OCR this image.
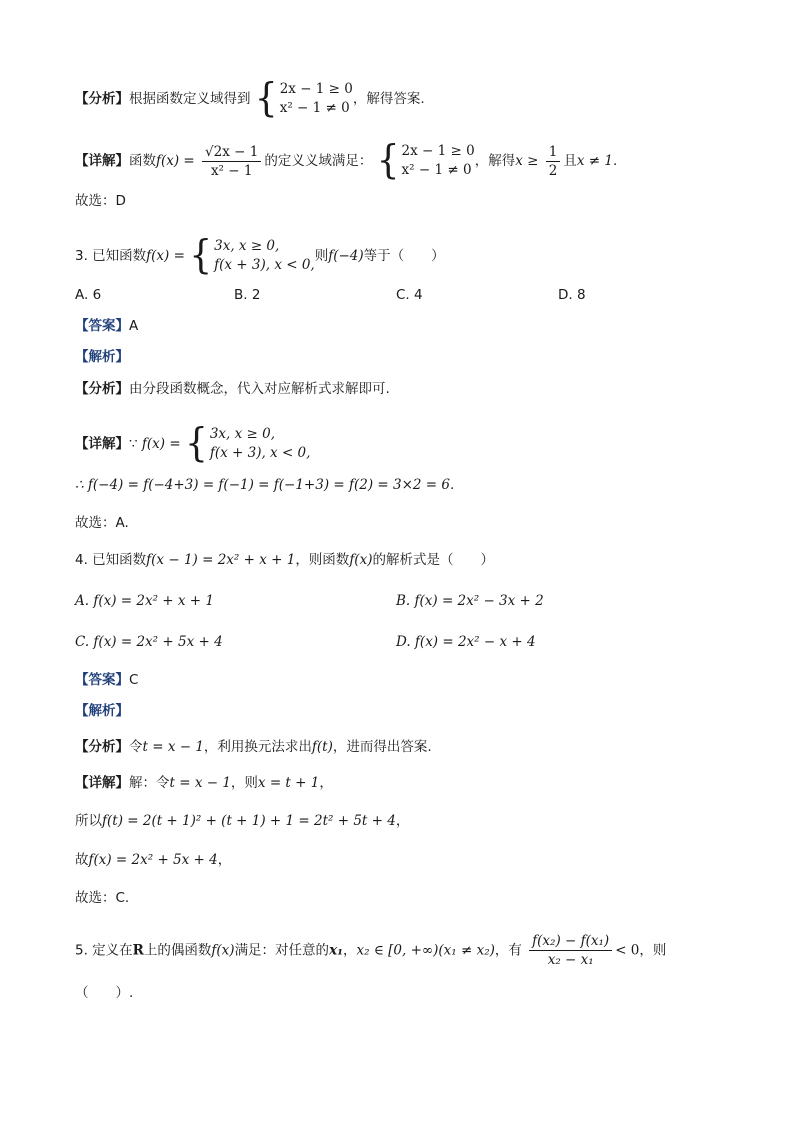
【分析】根据函数定义域得到 { 2x − 1 ≥ 0
x² − 1 ≠ 0
，解得答案.
【详解】函数$f(x) = \frac{√2x - 1}{\text{x² − 1}}$ 的定义义域满足： { 2x − 1 ≥ 0
x² − 1 ≠ 0
，解得$x \ge \frac{1}{2}$ 且x ≠ 1.
故选：D
3. 已知函数f(x) = { 3x, x ≥ 0,
f(x + 3), x < 0,
则f(−4)等于（　　）
A. 6	B. 2	C. 4	D. 8
【答案】A
【解析】
【分析】由分段函数概念，代入对应解析式求解即可.
【详解】∵ f(x) = { 3x, x ≥ 0,
f(x + 3), x < 0,
∴ f(−4) = f(−4+3) = f(−1) = f(−1+3) = f(2) = 3×2 = 6.
故选：A.
4. 已知函数f(x − 1) = 2x² + x + 1，则函数f(x)的解析式是（　　）
A. f(x) = 2x² + x + 1	B. f(x) = 2x² − 3x + 2
C. f(x) = 2x² + 5x + 4	D. f(x) = 2x² − x + 4
【答案】C
【解析】
【分析】令t = x − 1，利用换元法求出f(t)，进而得出答案.
【详解】解：令t = x − 1，则x = t + 1，
所以f(t) = 2(t + 1)² + (t + 1) + 1 = 2t² + 5t + 4，
故f(x) = 2x² + 5x + 4，
故选：C.
5. 定义在R上的偶函数f(x)满足：对任意的x₁，x₂ ∈ [0, +∞)(x₁ ≠ x₂)，有 $\frac{\text{f(x₂) − f(x₁)}}{\text{x₂ − x₁}} < 0$，则
（　　）.
